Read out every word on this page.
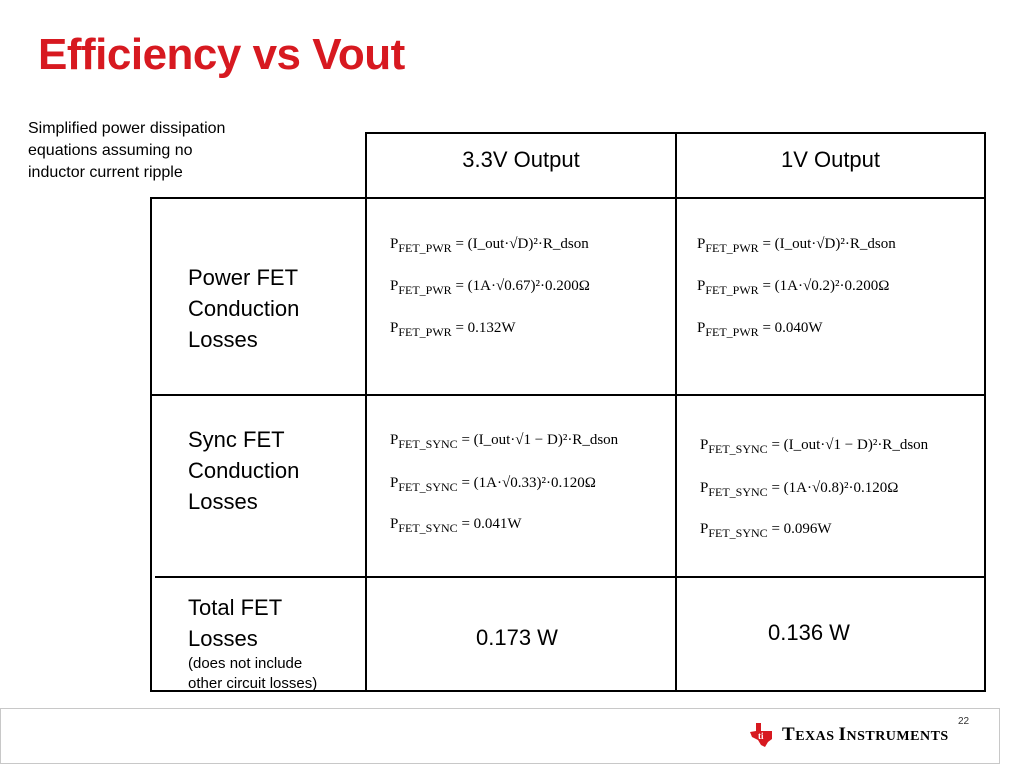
Efficiency vs Vout
Simplified power dissipation
equations assuming no
inductor current ripple
3.3V Output	1V Output
Power FET
Conduction
Losses
$P_{FET\_PWR}$ = (I_out·√D)²·R_dson
$P_{FET\_PWR} = (1A\cdot√0.67)^2\cdot 0.200\Omega$
$P_{FET\_PWR} = 0.132W$
$P_{FET\_PWR}$ = (I_out·√D)²·R_dson
$P_{FET\_PWR} = (1A\cdot√0.2)^2\cdot 0.200\Omega$
$P_{FET\_PWR} = 0.040W$
Sync FET
Conduction
Losses
$P_{FET\_SYNC}$ = (I_out·√1 − D)²·R_dson
$P_{FET\_SYNC} = (1A\cdot√0.33)^2\cdot 0.120\Omega$
$P_{FET\_SYNC} = 0.041W$
$P_{FET\_SYNC}$ = (I_out·√1 − D)²·R_dson
$P_{FET\_SYNC} = (1A\cdot√0.8)^2\cdot 0.120\Omega$
$P_{FET\_SYNC} = 0.096W$
Total FET
Losses
(does not include
other circuit losses)
0.173 W	0.136 W
22
ti TEXAS INSTRUMENTS
